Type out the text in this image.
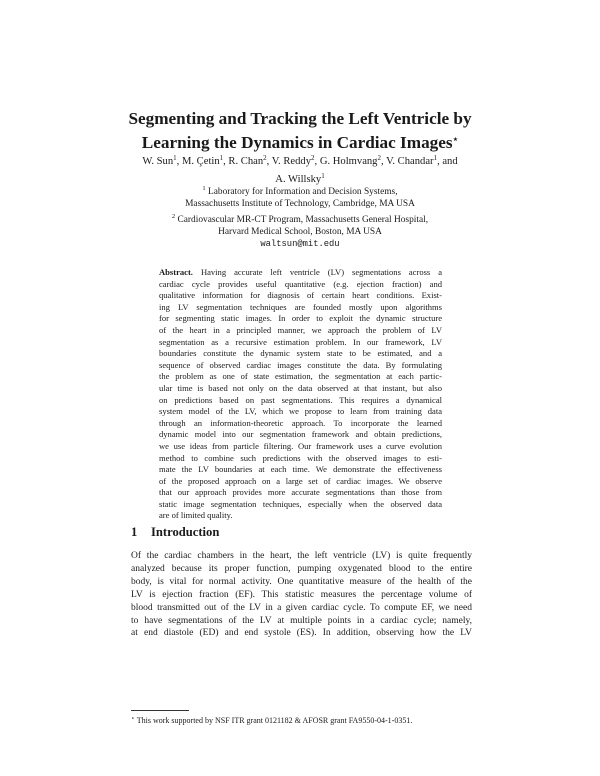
Segmenting and Tracking the Left Ventricle by
Learning the Dynamics in Cardiac Images⋆
W. Sun$^1$, M. Çetin$^1$, R. Chan$^2$, V. Reddy$^2$, G. Holmvang$^2$, V. Chandar$^1$, and
A. Willsky$^1$
$^1$ Laboratory for Information and Decision Systems,
Massachusetts Institute of Technology, Cambridge, MA USA
$^2$ Cardiovascular MR-CT Program, Massachusetts General Hospital,
Harvard Medical School, Boston, MA USA
waltsun@mit.edu
Abstract. Having accurate left ventricle (LV) segmentations across a
cardiac cycle provides useful quantitative (e.g. ejection fraction) and
qualitative information for diagnosis of certain heart conditions. Exist-
ing LV segmentation techniques are founded mostly upon algorithms
for segmenting static images. In order to exploit the dynamic structure
of the heart in a principled manner, we approach the problem of LV
segmentation as a recursive estimation problem. In our framework, LV
boundaries constitute the dynamic system state to be estimated, and a
sequence of observed cardiac images constitute the data. By formulating
the problem as one of state estimation, the segmentation at each partic-
ular time is based not only on the data observed at that instant, but also
on predictions based on past segmentations. This requires a dynamical
system model of the LV, which we propose to learn from training data
through an information-theoretic approach. To incorporate the learned
dynamic model into our segmentation framework and obtain predictions,
we use ideas from particle filtering. Our framework uses a curve evolution
method to combine such predictions with the observed images to esti-
mate the LV boundaries at each time. We demonstrate the effectiveness
of the proposed approach on a large set of cardiac images. We observe
that our approach provides more accurate segmentations than those from
static image segmentation techniques, especially when the observed data
are of limited quality.
1 Introduction
Of the cardiac chambers in the heart, the left ventricle (LV) is quite frequently
analyzed because its proper function, pumping oxygenated blood to the entire
body, is vital for normal activity. One quantitative measure of the health of the
LV is ejection fraction (EF). This statistic measures the percentage volume of
blood transmitted out of the LV in a given cardiac cycle. To compute EF, we need
to have segmentations of the LV at multiple points in a cardiac cycle; namely,
at end diastole (ED) and end systole (ES). In addition, observing how the LV
⋆ This work supported by NSF ITR grant 0121182 & AFOSR grant FA9550-04-1-0351.
